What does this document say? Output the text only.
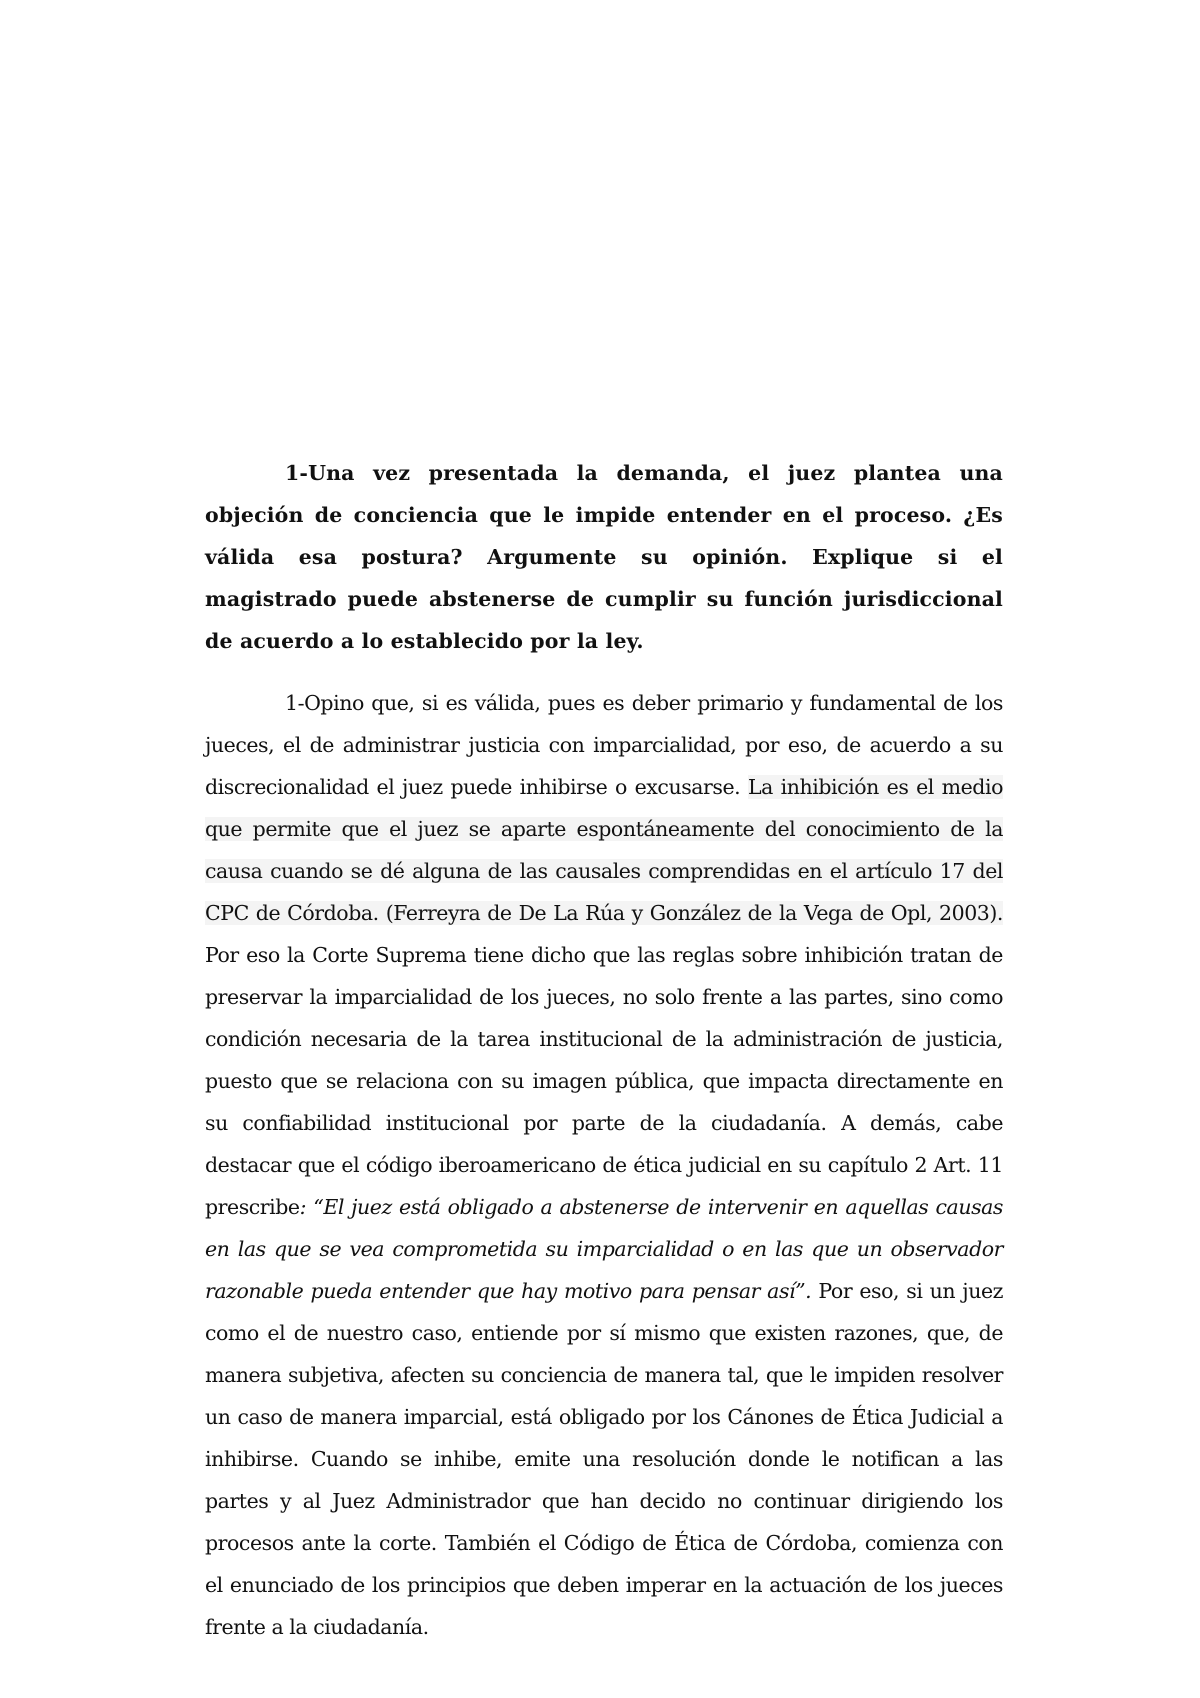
1-Una vez presentada la demanda, el juez plantea una objeción de conciencia que le impide entender en el proceso. ¿Es válida esa postura? Argumente su opinión. Explique si el magistrado puede abstenerse de cumplir su función jurisdiccional de acuerdo a lo establecido por la ley.

1-Opino que, si es válida, pues es deber primario y fundamental de los jueces, el de administrar justicia con imparcialidad, por eso, de acuerdo a su discrecionalidad el juez puede inhibirse o excusarse. La inhibición es el medio que permite que el juez se aparte espontáneamente del conocimiento de la causa cuando se dé alguna de las causales comprendidas en el artículo 17 del CPC de Córdoba. (Ferreyra de De La Rúa y González de la Vega de Opl, 2003). Por eso la Corte Suprema tiene dicho que las reglas sobre inhibición tratan de preservar la imparcialidad de los jueces, no solo frente a las partes, sino como condición necesaria de la tarea institucional de la administración de justicia, puesto que se relaciona con su imagen pública, que impacta directamente en su confiabilidad institucional por parte de la ciudadanía. A demás, cabe destacar que el código iberoamericano de ética judicial en su capítulo 2 Art. 11 prescribe: “El juez está obligado a abstenerse de intervenir en aquellas causas en las que se vea comprometida su imparcialidad o en las que un observador razonable pueda entender que hay motivo para pensar así”. Por eso, si un juez como el de nuestro caso, entiende por sí mismo que existen razones, que, de manera subjetiva, afecten su conciencia de manera tal, que le impiden resolver un caso de manera imparcial, está obligado por los Cánones de Ética Judicial a inhibirse. Cuando se inhibe, emite una resolución donde le notifican a las partes y al Juez Administrador que han decido no continuar dirigiendo los procesos ante la corte. También el Código de Ética de Córdoba, comienza con el enunciado de los principios que deben imperar en la actuación de los jueces frente a la ciudadanía.
